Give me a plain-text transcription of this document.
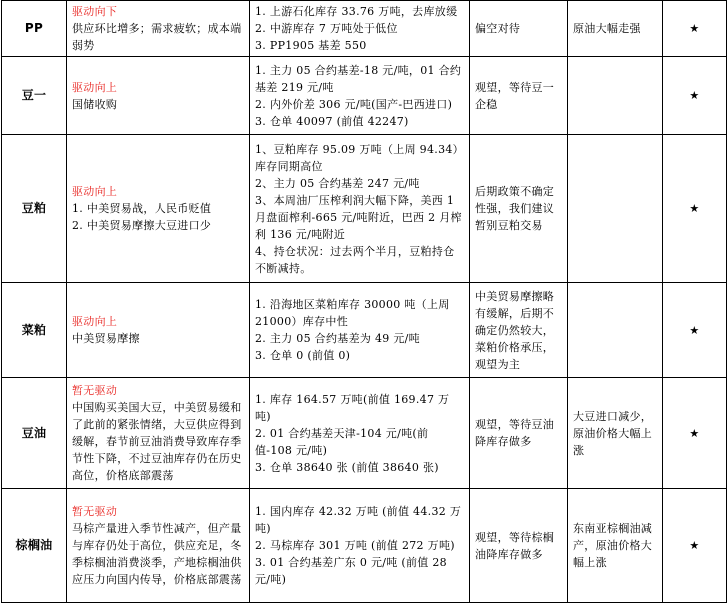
PP	驱动向下
供应环比增多；需求疲软；成本端弱势	1. 上游石化库存 33.76 万吨，去库放缓
2. 中游库存 7 万吨处于低位
3. PP1905 基差 550	偏空对待	原油大幅走强	★
豆一	驱动向上
国储收购	1. 主力 05 合约基差-18 元/吨，01 合约基差 219 元/吨
2. 内外价差 306 元/吨(国产-巴西进口)
3. 仓单 40097 (前值 42247)	观望，等待豆一企稳		★
豆粕	驱动向上
1. 中美贸易战，人民币贬值
2. 中美贸易摩擦大豆进口少	1、豆粕库存 95.09 万吨（上周 94.34）库存同期高位
2、主力 05 合约基差 247 元/吨
3、本周油厂压榨利润大幅下降，美西 1 月盘面榨利-665 元/吨附近，巴西 2 月榨利 136 元/吨附近
4、持仓状况：过去两个半月，豆粕持仓不断减持。	后期政策不确定性强，我们建议暂别豆粕交易		★
菜粕	驱动向上
中美贸易摩擦	1. 沿海地区菜粕库存 30000 吨（上周 21000）库存中性
2. 主力 05 合约基差为 49 元/吨
3. 仓单 0 (前值 0)	中美贸易摩擦略有缓解，后期不确定仍然较大，菜粕价格承压，观望为主		★
豆油	暂无驱动
中国购买美国大豆，中美贸易缓和了此前的紧张情绪，大豆供应得到缓解，春节前豆油消费导致库存季节性下降，不过豆油库存仍在历史高位，价格底部震荡	1. 库存 164.57 万吨(前值 169.47 万吨)
2. 01 合约基差天津-104 元/吨(前值-108 元/吨)
3. 仓单 38640 张 (前值 38640 张)	观望，等待豆油降库存做多	大豆进口减少，原油价格大幅上涨	★
棕榈油	暂无驱动
马棕产量进入季节性减产，但产量与库存仍处于高位，供应充足，冬季棕榈油消费淡季，产地棕榈油供应压力向国内传导，价格底部震荡	1. 国内库存 42.32 万吨 (前值 44.32 万吨)
2. 马棕库存 301 万吨 (前值 272 万吨)
3. 01 合约基差广东 0 元/吨 (前值 28 元/吨)	观望，等待棕榈油降库存做多	东南亚棕榈油减产，原油价格大幅上涨	★
